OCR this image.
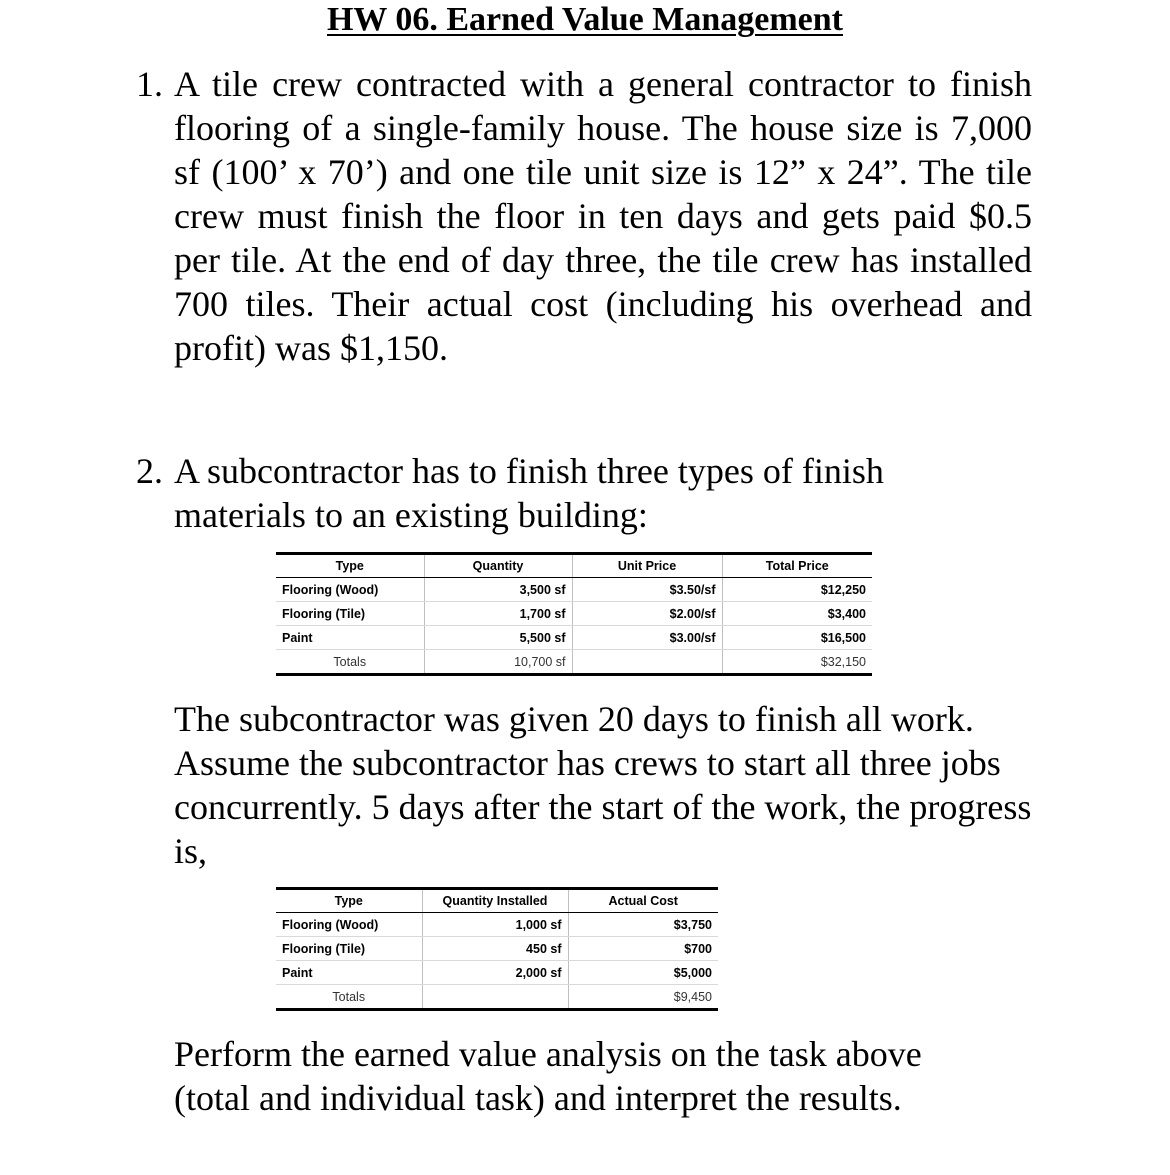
HW 06. Earned Value Management
1. A tile crew contracted with a general contractor to finish flooring of a single-family house. The house size is 7,000 sf (100’ x 70’) and one tile unit size is 12” x 24”. The tile crew must finish the floor in ten days and gets paid $0.5 per tile. At the end of day three, the tile crew has installed 700 tiles. Their actual cost (including his overhead and profit) was $1,150.
2. A subcontractor has to finish three types of finish materials to an existing building:
Type	Quantity	Unit Price	Total Price
Flooring (Wood)	3,500 sf	$3.50/sf	$12,250
Flooring (Tile)	1,700 sf	$2.00/sf	$3,400
Paint	5,500 sf	$3.00/sf	$16,500
Totals	10,700 sf		$32,150
The subcontractor was given 20 days to finish all work. Assume the subcontractor has crews to start all three jobs concurrently. 5 days after the start of the work, the progress is,
Type	Quantity Installed	Actual Cost
Flooring (Wood)	1,000 sf	$3,750
Flooring (Tile)	450 sf	$700
Paint	2,000 sf	$5,000
Totals		$9,450
Perform the earned value analysis on the task above (total and individual task) and interpret the results.
